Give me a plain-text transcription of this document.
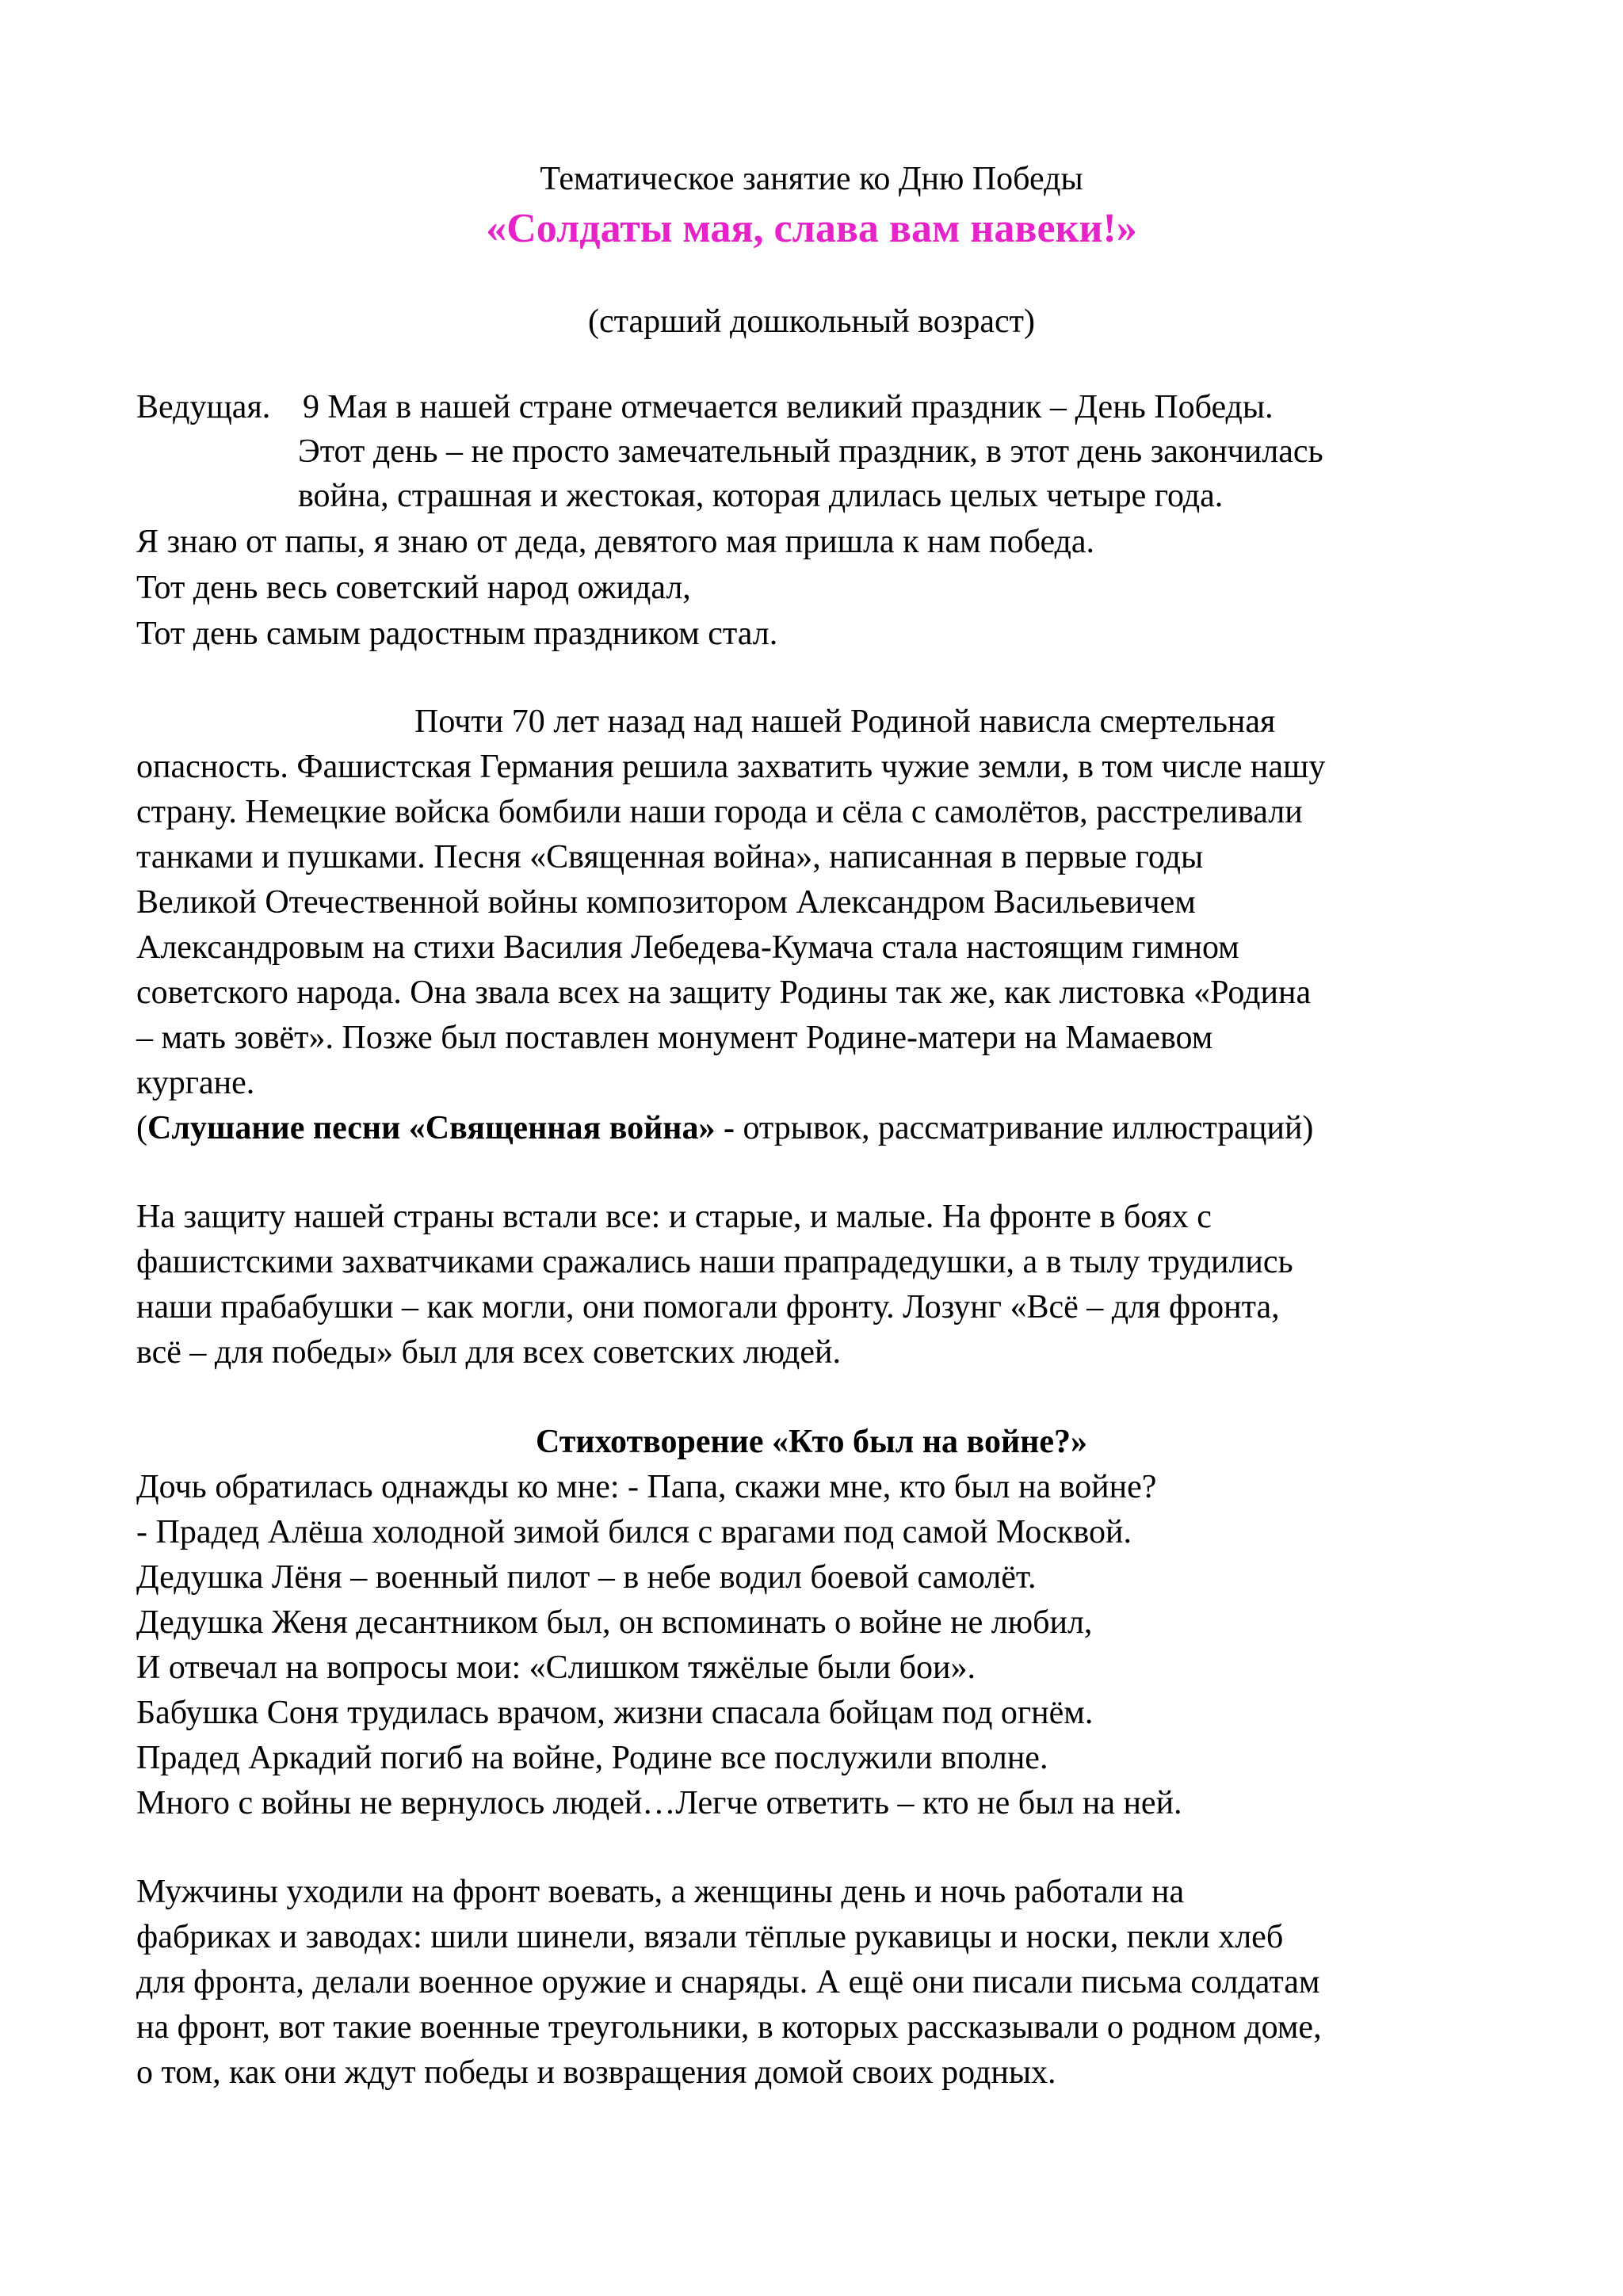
Тематическое занятие ко Дню Победы
«Солдаты мая, слава вам навеки!»
(старший дошкольный возраст)
Ведущая. 9 Мая в нашей стране отмечается великий праздник – День Победы.
Этот день – не просто замечательный праздник, в этот день закончилась
война, страшная и жестокая, которая длилась целых четыре года.
Я знаю от папы, я знаю от деда, девятого мая пришла к нам победа.
Тот день весь советский народ ожидал,
Тот день самым радостным праздником стал.
Почти 70 лет назад над нашей Родиной нависла смертельная
опасность. Фашистская Германия решила захватить чужие земли, в том числе нашу
страну. Немецкие войска бомбили наши города и сёла с самолётов, расстреливали
танками и пушками. Песня «Священная война», написанная в первые годы
Великой Отечественной войны композитором Александром Васильевичем
Александровым на стихи Василия Лебедева-Кумача стала настоящим гимном
советского народа. Она звала всех на защиту Родины так же, как листовка «Родина
– мать зовёт». Позже был поставлен монумент Родине-матери на Мамаевом
кургане.
(Слушание песни «Священная война» - отрывок, рассматривание иллюстраций)
На защиту нашей страны встали все: и старые, и малые. На фронте в боях с
фашистскими захватчиками сражались наши прапрадедушки, а в тылу трудились
наши прабабушки – как могли, они помогали фронту. Лозунг «Всё – для фронта,
всё – для победы» был для всех советских людей.
Стихотворение «Кто был на войне?»
Дочь обратилась однажды ко мне: - Папа, скажи мне, кто был на войне?
- Прадед Алёша холодной зимой бился с врагами под самой Москвой.
Дедушка Лёня – военный пилот – в небе водил боевой самолёт.
Дедушка Женя десантником был, он вспоминать о войне не любил,
И отвечал на вопросы мои: «Слишком тяжёлые были бои».
Бабушка Соня трудилась врачом, жизни спасала бойцам под огнём.
Прадед Аркадий погиб на войне, Родине все послужили вполне.
Много с войны не вернулось людей…Легче ответить – кто не был на ней.
Мужчины уходили на фронт воевать, а женщины день и ночь работали на
фабриках и заводах: шили шинели, вязали тёплые рукавицы и носки, пекли хлеб
для фронта, делали военное оружие и снаряды. А ещё они писали письма солдатам
на фронт, вот такие военные треугольники, в которых рассказывали о родном доме,
о том, как они ждут победы и возвращения домой своих родных.
